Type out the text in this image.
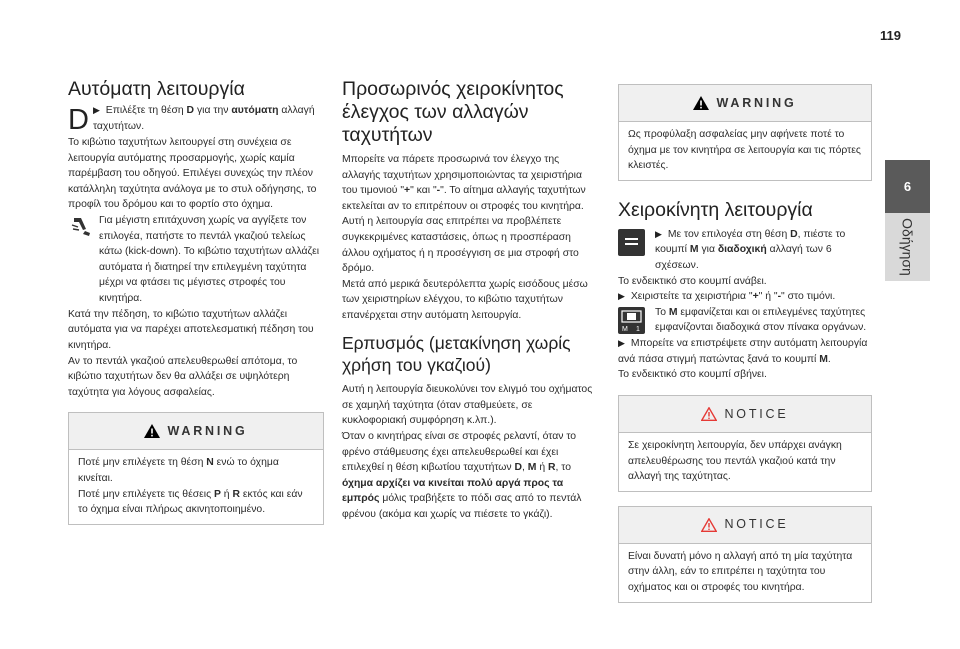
119
6
Οδήγηση
Αυτόματη λειτουργία
D ▶ Επιλέξτε τη θέση D για την αυτόματη αλλαγή ταχυτήτων.

Το κιβώτιο ταχυτήτων λειτουργεί στη συνέχεια σε λειτουργία αυτόματης προσαρμογής, χωρίς καμία παρέμβαση του οδηγού. Επιλέγει συνεχώς την πλέον κατάλληλη ταχύτητα ανάλογα με το στυλ οδήγησης, το προφίλ του δρόμου και το φορτίο στο όχημα.

Για μέγιστη επιτάχυνση χωρίς να αγγίξετε τον επιλογέα, πατήστε το πεντάλ γκαζιού τελείως κάτω (kick-down). Το κιβώτιο ταχυτήτων αλλάζει αυτόματα ή διατηρεί την επιλεγμένη ταχύτητα μέχρι να φτάσει τις μέγιστες στροφές του κινητήρα.

Κατά την πέδηση, το κιβώτιο ταχυτήτων αλλάζει αυτόματα για να παρέχει αποτελεσματική πέδηση του κινητήρα.

Αν το πεντάλ γκαζιού απελευθερωθεί απότομα, το κιβώτιο ταχυτήτων δεν θα αλλάξει σε υψηλότερη ταχύτητα για λόγους ασφαλείας.

WARNING

Ποτέ μην επιλέγετε τη θέση N ενώ το όχημα κινείται.

Ποτέ μην επιλέγετε τις θέσεις P ή R εκτός και εάν το όχημα είναι πλήρως ακινητοποιημένο.

Προσωρινός χειροκίνητος έλεγχος των αλλαγών ταχυτήτων

Μπορείτε να πάρετε προσωρινά τον έλεγχο της αλλαγής ταχυτήτων χρησιμοποιώντας τα χειριστήρια του τιμονιού "+" και "-". Το αίτημα αλλαγής ταχυτήτων εκτελείται αν το επιτρέπουν οι στροφές του κινητήρα.

Αυτή η λειτουργία σας επιτρέπει να προβλέπετε συγκεκριμένες καταστάσεις, όπως η προσπέραση άλλου οχήματος ή η προσέγγιση σε μια στροφή στο δρόμο.

Μετά από μερικά δευτερόλεπτα χωρίς εισόδους μέσω των χειριστηρίων ελέγχου, το κιβώτιο ταχυτήτων επανέρχεται στην αυτόματη λειτουργία.

Ερπυσμός (μετακίνηση χωρίς χρήση του γκαζιού)

Αυτή η λειτουργία διευκολύνει τον ελιγμό του οχήματος σε χαμηλή ταχύτητα (όταν σταθμεύετε, σε κυκλοφοριακή συμφόρηση κ.λπ.).

Όταν ο κινητήρας είναι σε στροφές ρελαντί, όταν το φρένο στάθμευσης έχει απελευθερωθεί και έχει επιλεχθεί η θέση κιβωτίου ταχυτήτων D, M ή R, το όχημα αρχίζει να κινείται πολύ αργά προς τα εμπρός μόλις τραβήξετε το πόδι σας από το πεντάλ φρένου (ακόμα και χωρίς να πιέσετε το γκάζι).

WARNING

Ως προφύλαξη ασφαλείας μην αφήνετε ποτέ το όχημα με τον κινητήρα σε λειτουργία και τις πόρτες κλειστές.

Χειροκίνητη λειτουργία

▶ Με τον επιλογέα στη θέση D, πιέστε το κουμπί M για διαδοχική αλλαγή των 6 σχέσεων.

Το ενδεικτικό στο κουμπί ανάβει.

▶ Χειριστείτε τα χειριστήρια "+" ή "-" στο τιμόνι.

M 1

Το M εμφανίζεται και οι επιλεγμένες ταχύτητες εμφανίζονται διαδοχικά στον πίνακα οργάνων.

▶ Μπορείτε να επιστρέψετε στην αυτόματη λειτουργία ανά πάσα στιγμή πατώντας ξανά το κουμπί M.

Το ενδεικτικό στο κουμπί σβήνει.

NOTICE

Σε χειροκίνητη λειτουργία, δεν υπάρχει ανάγκη απελευθέρωσης του πεντάλ γκαζιού κατά την αλλαγή της ταχύτητας.

NOTICE

Είναι δυνατή μόνο η αλλαγή από τη μία ταχύτητα στην άλλη, εάν το επιτρέπει η ταχύτητα του οχήματος και οι στροφές του κινητήρα.
